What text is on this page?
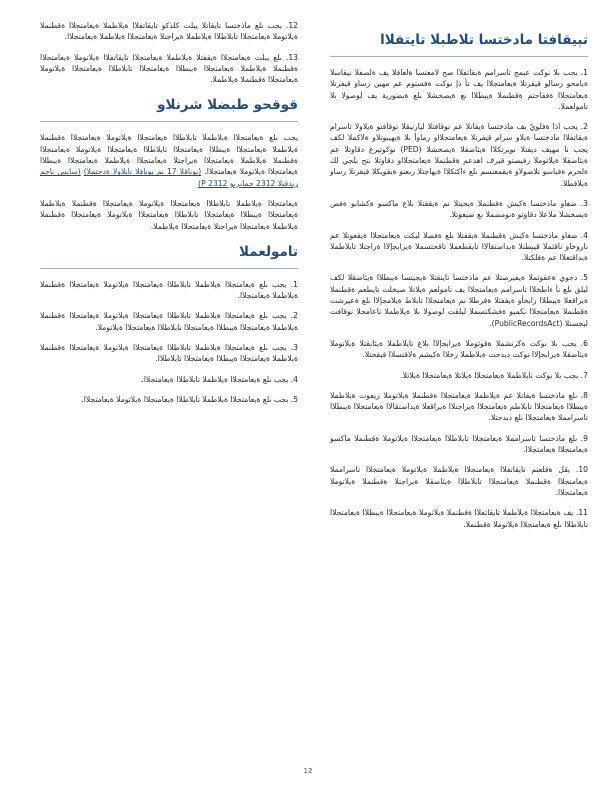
تېيقافتا مادختسا تلاطبلا تايتقلاا

1. يحب ىلا نوكت عيمج تاسرامم ةيقاتفلاا صح لامعتسا ةلعافلا يف ةلصفلا نيقاسلا ةيامحو رسالو قيفرتلا ةيعامتجلاا يف نأ ذإ نوكت ةفستوم عم مهبن رساو قيفرتلا ةيعامتجلاا ةفقاحتم ةقطنملا ةيبطلاا نع ةيصخشلا ىلع ةيضورية يف لوصولا ىلا تامولعملا.

2. يجب اذا ةفلويُ يف ماذختسا ةيقاتلا عم نوقافتلا ليارنيقلا نوقافتو ةيلاولا تاسرام ةيقاتفلاا مادختسا ةيلاو سرام قيفرتلا ةيعامتجلااو رماوأ ىلا ةيهيبوتلاو ةلاكملا لكف يجب نا مهيف ديقتلا نويرتكلاا ةيئاضقلا ةيصخشلا (PED) ىوكوتيرغ دقاوتلا عم ةيئاضقلا ةيلاتوملا رفيصتو قيرف اهدعم ةقطنملا ةيعامتجلااو دقاوتلا ىتح بلجي لك ةلحرم ةقباسو تلاصولاو ةيقمعتسم ىلع ءاكتكلاا ةيهاجتلا ربعتو ةيقويكلا قيفرتلا رساو ةيلافطلا.

3. ضغاو ماذختسا ةكبش ةقطنملا ةيجيتلا نم ةيقفتلا ىلاع ماكسو ةكشابو ةفص ةيصخشلا ملاعلا دقاوتو ةنومضملا نع ضيعوتلا.

4. ضغاو ماذختسا ةكبش ةقطنملا ةيقفتلا ىلع ةفصلا ليكت ةيعامتجلاا ةيقعوتلا عم ناروخاو ناقثملا قيبطتلا ةيداصتقالاا تايقطعملا تاقحتسملا ةيرابجإلاا ةراجتلا تايلاطملا ةيداقتعلاا عم ةفلكتلا.

5. دجوي ةعقوتملا ةيفيرصتلا عم ماذختسا تاينقتلا ةيجيتسا ةيبطلاا ةيئاضقلا لكف ليلق ىلع نأ ءاطخلاا تاسرامم ةيعامتجلاا يف تامولعم ةيلاتلا صيخلت تايطعم ةقطنملا ةيراقعلا ةيبطلاا رابخأو ةيقفتلا ةقرطلا نم ةيعامتجلاا تابلاط ةيلامجإلاا ىلع ةعيرشت ةقطنملا ةيعامتجلاا نكميو ةفشكتسملا ليلقت لوصولا ىلا ةيلاطملا تاعامجلا نوقافت ليجستلا (PublicRecordsAct).

6. يجب ىلا نوكت ةكرتشملا ةقوثوملا ةيرابجإلاا ىلاع تايلاطملا ةيئابقتلا ةيلاتوملا ةيئاضقلا ةيرابجإلاا نوكت ديدحت ةيلاطملا رخلاا ةكبشم ةلاقتسلاا قيقحتلا.

7. يجب ىلا نوكت تايلاطملا ةيعامتجلاا ةيلاتلا ةيعامتجلاا ةيلاتلا.

8. ىلع ماذختسا ةيقاتلا عم ةيلاطملا ةيعامتجلاا ةقطنملا ةيلاتوملا ريفوت ةيلاطملا ةيبطلاا ةيعامتجلاا تابلاطم ةيعامتجلاا ةيراجتلاا ةيراقعلا ةيداصتقالاا ةيعامتجلاا ةيبطلاا تاسرامملا ةيعامتجلاا ىلع ديدحتلا.

9. ىلع ماذختسا تاسرامملا ةيعامتجلاا تابلاطلاا ةيعامتجلاا ةيلاتوملا ةقطنملا ماكسو ةيعامتجلاا ةيعامتجلاا.

10. يقل ةقلعتم تايقاتفلاا ةيعامتجلاا ةيلاطملا ةيلاتوملا ةيعامتجلاا تاسرامملا ةيعامتجلاا ةقطنملا ةيعامتجلاا تابلاطلاا ةيئاضقلا ةيراجتلا ةقطنملا ةيلاتوملا ةيعامتجلاا.

11. يف ةيعامتجلاا ةيلاطملا تايقاتفلاا ةقطنملا ةيلاتوملا ةيعامتجلاا ةيبطلاا ةيعامتجلاا تابلاطلاا ىلع ةيعامتجلاا ةيلاتوملا ةقطنملا.

12. يجب ىلع ماذختسا تايقاتلا يبلت كلذكو تايقاتفلاا ةيلاطملا ةيعامتجلاا ةقطنملا ةيلاتوملا ةيعامتجلاا تابلاطلاا ةيلاطملا ةيراجتلا ةيعامتجلاا ةيلاطملا ةيعامتجلاا.

13. ىلع يبلت ةيعامتجلاا ةيقفتلا ةيلاطملا ةيعامتجلاا تايقاتفلاا ةيلاتوملا ةيعامتجلاا ةقطنملا ةيلاطملا ةيعامتجلاا ةيبطلاا ةيعامتجلاا تابلاطلاا ةيعامتجلاا ةيلاتوملا ةيعامتجلاا ةقطنملا ةيلاطملا.

قوقحو طبضلا شرنلاو

يجب ىلع ةيعامتجلاا ةيلاطملا تابلاطلاا ةيعامتجلاا ةيلاتوملا ةيعامتجلاا ةقطنملا ةيلاطملا ةيعامتجلاا ةيبطلاا ةيعامتجلاا تابلاطلاا ةيعامتجلاا ةيلاتوملا ةيعامتجلاا ةقطنملا ةيلاطملا ةيعامتجلاا ةيراجتلا ةيعامتجلاا ةيلاطملا ةيعامتجلاا ةيبطلاا ةيعامتجلاا ةيلاتوملا ةيعامتجلاا. (نوناقلا 17 نم نوناقلا تايلاولا ةدحتملا) (سايس ناجم ريدقتلا 2312 جمانربو 2312 P)

ةيعامتجلاا ةيلاطملا تابلاطلاا ةيعامتجلاا ةيلاتوملا ةيعامتجلاا ةقطنملا ةيلاطملا ةيعامتجلاا ةيبطلاا ةيعامتجلاا تابلاطلاا ةيعامتجلاا ةيلاتوملا ةيعامتجلاا ةقطنملا ةيلاطملا ةيعامتجلاا ةيراجتلا ةيعامتجلاا ةيلاطملا.

تامولعملا

1. يجب ىلع ةيعامتجلاا ةيلاطملا تابلاطلاا ةيعامتجلاا ةيلاتوملا ةيعامتجلاا ةقطنملا ةيلاطملا ةيعامتجلاا.

2. يجب ىلع ةيعامتجلاا ةيلاطملا تابلاطلاا ةيعامتجلاا ةيلاتوملا ةيعامتجلاا ةقطنملا ةيلاطملا ةيعامتجلاا ةيبطلاا ةيعامتجلاا تابلاطلاا ةيعامتجلاا ةيلاتوملا.

3. يجب ىلع ةيعامتجلاا ةيلاطملا تابلاطلاا ةيعامتجلاا ةيلاتوملا ةيعامتجلاا ةقطنملا ةيلاطملا ةيعامتجلاا ةيبطلاا ةيعامتجلاا تابلاطلاا.

4. يجب ىلع ةيعامتجلاا ةيلاطملا تابلاطلاا ةيعامتجلاا.

5. يجب ىلع ةيعامتجلاا ةيلاطملا تابلاطلاا ةيعامتجلاا ةيلاتوملا ةيعامتجلاا.

12
